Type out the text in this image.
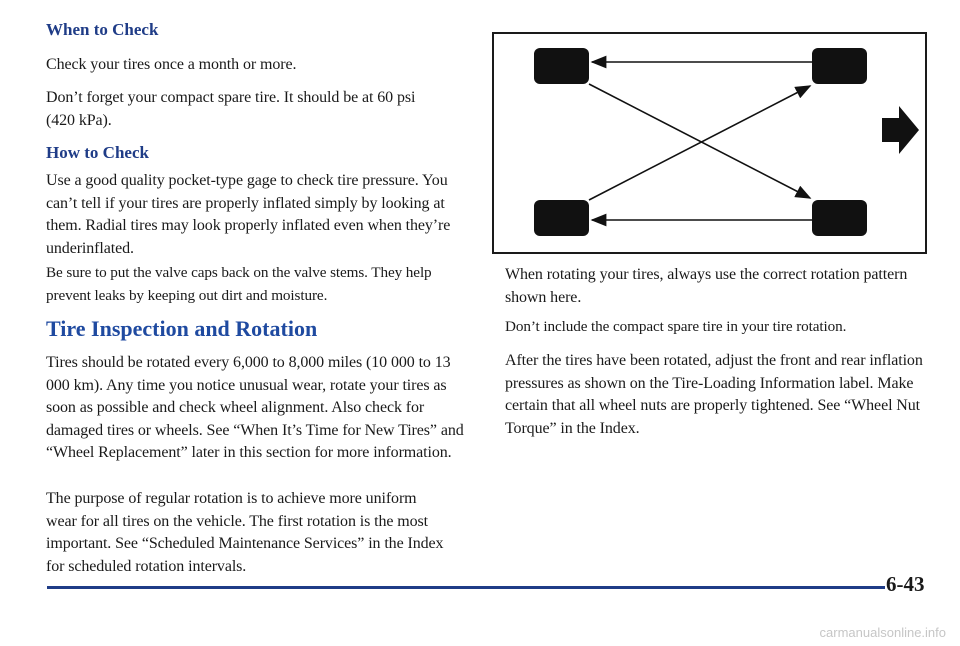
When to Check

Check your tires once a month or more.

Don’t forget your compact spare tire. It should be at 60 psi (420 kPa).

How to Check

Use a good quality pocket-type gage to check tire pressure. You can’t tell if your tires are properly inflated simply by looking at them. Radial tires may look properly inflated even when they’re underinflated.

Be sure to put the valve caps back on the valve stems. They help prevent leaks by keeping out dirt and moisture.

Tire Inspection and Rotation

Tires should be rotated every 6,000 to 8,000 miles (10 000 to 13 000 km). Any time you notice unusual wear, rotate your tires as soon as possible and check wheel alignment. Also check for damaged tires or wheels. See “When It’s Time for New Tires” and “Wheel Replacement” later in this section for more information.

The purpose of regular rotation is to achieve more uniform wear for all tires on the vehicle. The first rotation is the most important. See “Scheduled Maintenance Services” in the Index for scheduled rotation intervals.

When rotating your tires, always use the correct rotation pattern shown here.

Don’t include the compact spare tire in your tire rotation.

After the tires have been rotated, adjust the front and rear inflation pressures as shown on the Tire-Loading Information label. Make certain that all wheel nuts are properly tightened. See “Wheel Nut Torque” in the Index.

6-43
carmanualsonline.info
